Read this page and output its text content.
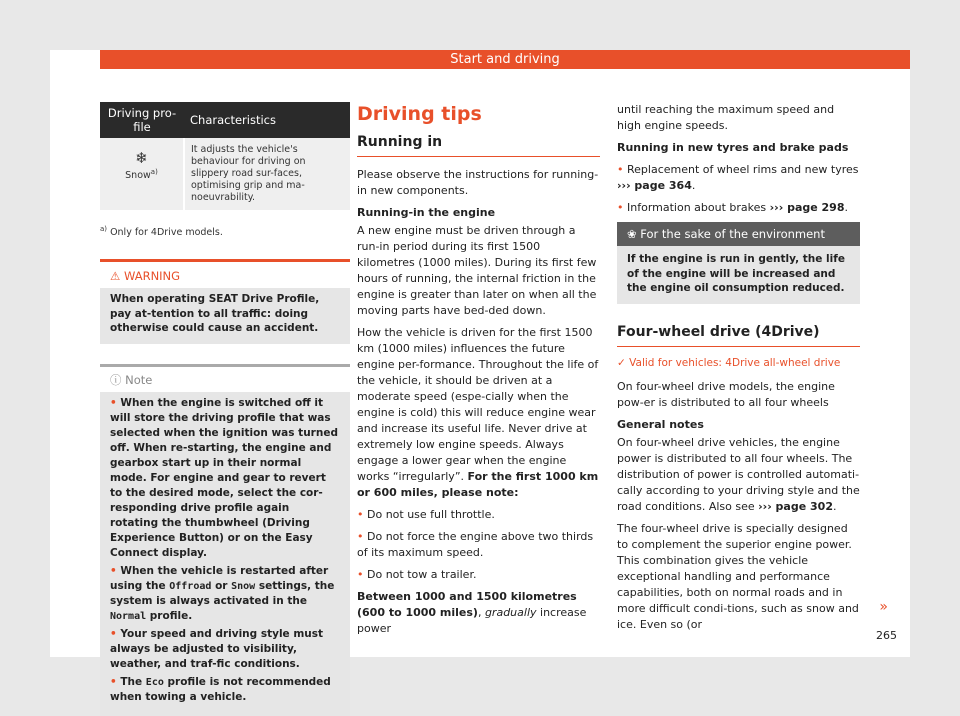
Start and driving
Driving pro-
file	Characteristics

❄
Snow$^{a)}$	It adjusts the vehicle's behaviour for driving on slippery road sur-faces, optimising grip and ma-noeuvrability.
$^{a)}$ Only for 4Drive models.
⚠ WARNING
When operating SEAT Drive Profile, pay at-tention to all traffic: doing otherwise could cause an accident.
ⓘ Note

• When the engine is switched off it will store the driving profile that was selected when the ignition was turned off. When re-starting, the engine and gearbox start up in their normal mode. For engine and gear to revert to the desired mode, select the cor-responding drive profile again rotating the thumbwheel (Driving Experience Button) or on the Easy Connect display.

• When the vehicle is restarted after using the Offroad or Snow settings, the system is always activated in the Normal profile.

• Your speed and driving style must always be adjusted to visibility, weather, and traf-fic conditions.

• The Eco profile is not recommended when towing a vehicle.

Driving tips
Running in

Please observe the instructions for running-in new components.

Running-in the engine

A new engine must be driven through a run-in period during its first 1500 kilometres (1000 miles). During its first few hours of running, the internal friction in the engine is greater than later on when all the moving parts have bed-ded down.

How the vehicle is driven for the first 1500 km (1000 miles) influences the future engine per-formance. Throughout the life of the vehicle, it should be driven at a moderate speed (espe-cially when the engine is cold) this will reduce engine wear and increase its useful life. Never drive at extremely low engine speeds. Always engage a lower gear when the engine works “irregularly”. For the first 1000 km or 600 miles, please note:

• Do not use full throttle.

• Do not force the engine above two thirds of its maximum speed.

• Do not tow a trailer.

Between 1000 and 1500 kilometres (600 to 1000 miles), gradually increase power

until reaching the maximum speed and high engine speeds.

Running in new tyres and brake pads

• Replacement of wheel rims and new tyres ››› page 364.

• Information about brakes ››› page 298.

❀ For the sake of the environment
If the engine is run in gently, the life of the engine will be increased and the engine oil consumption reduced.
Four-wheel drive (4Drive)
✓ Valid for vehicles: 4Drive all-wheel drive

On four-wheel drive models, the engine pow-er is distributed to all four wheels

General notes

On four-wheel drive vehicles, the engine power is distributed to all four wheels. The distribution of power is controlled automati-cally according to your driving style and the road conditions. Also see ››› page 302.

The four-wheel drive is specially designed to complement the superior engine power. This combination gives the vehicle exceptional handling and performance capabilities, both on normal roads and in more difficult condi-tions, such as snow and ice. Even so (or

»
265
